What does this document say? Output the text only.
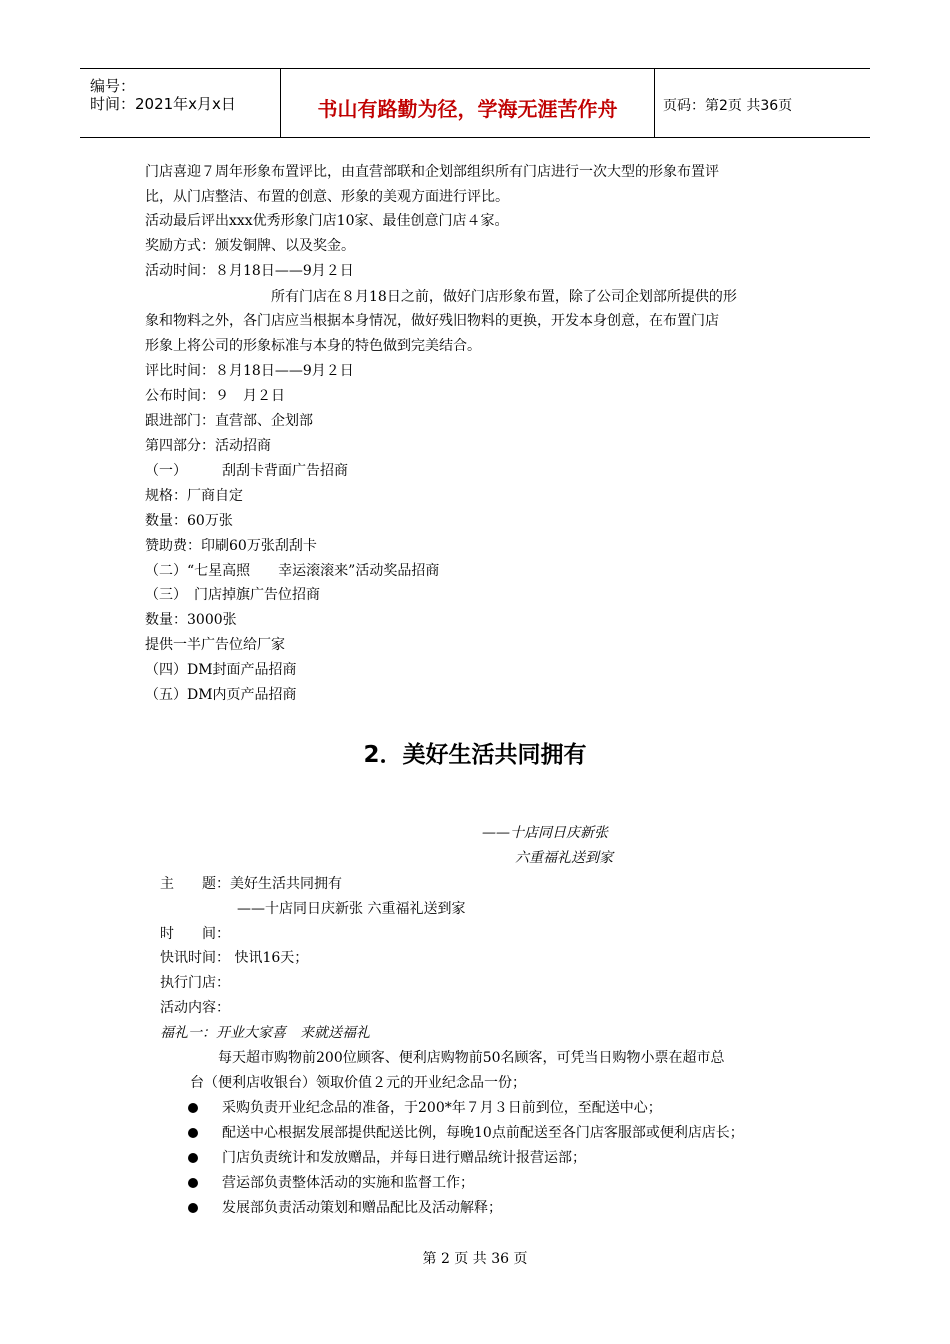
编号：
时间：2021年x月x日	书山有路勤为径，学海无涯苦作舟	页码：第2页 共36页
门店喜迎７周年形象布置评比，由直营部联和企划部组织所有门店进行一次大型的形象布置评
比，从门店整洁、布置的创意、形象的美观方面进行评比。
活动最后评出xxx优秀形象门店10家、最佳创意门店４家。
奖励方式：颁发铜牌、以及奖金。
活动时间：８月18日——9月２日
所有门店在８月18日之前，做好门店形象布置，除了公司企划部所提供的形
象和物料之外，各门店应当根据本身情况，做好残旧物料的更换，开发本身创意，在布置门店
形象上将公司的形象标准与本身的特色做到完美结合。
评比时间：８月18日——9月２日
公布时间：９　月２日
跟进部门：直营部、企划部
第四部分：活动招商
（一）　　　刮刮卡背面广告招商
规格：厂商自定
数量：60万张
赞助费：印刷60万张刮刮卡
（二）“七星高照　　幸运滚滚来”活动奖品招商
（三）　门店掉旗广告位招商
数量：3000张
提供一半广告位给厂家
（四）DM封面产品招商
（五）DM内页产品招商
2．美好生活共同拥有
——十店同日庆新张
六重福礼送到家
主　　题：美好生活共同拥有
——十店同日庆新张 六重福礼送到家
时　　间：
快讯时间： 快讯16天；
执行门店：
活动内容：
福礼一：开业大家喜　来就送福礼
每天超市购物前200位顾客、便利店购物前50名顾客，可凭当日购物小票在超市总
台（便利店收银台）领取价值２元的开业纪念品一份；
采购负责开业纪念品的准备，于200*年７月３日前到位，至配送中心；
配送中心根据发展部提供配送比例，每晚10点前配送至各门店客服部或便利店店长；
门店负责统计和发放赠品，并每日进行赠品统计报营运部；
营运部负责整体活动的实施和监督工作；
发展部负责活动策划和赠品配比及活动解释；
第 2 页 共 36 页
